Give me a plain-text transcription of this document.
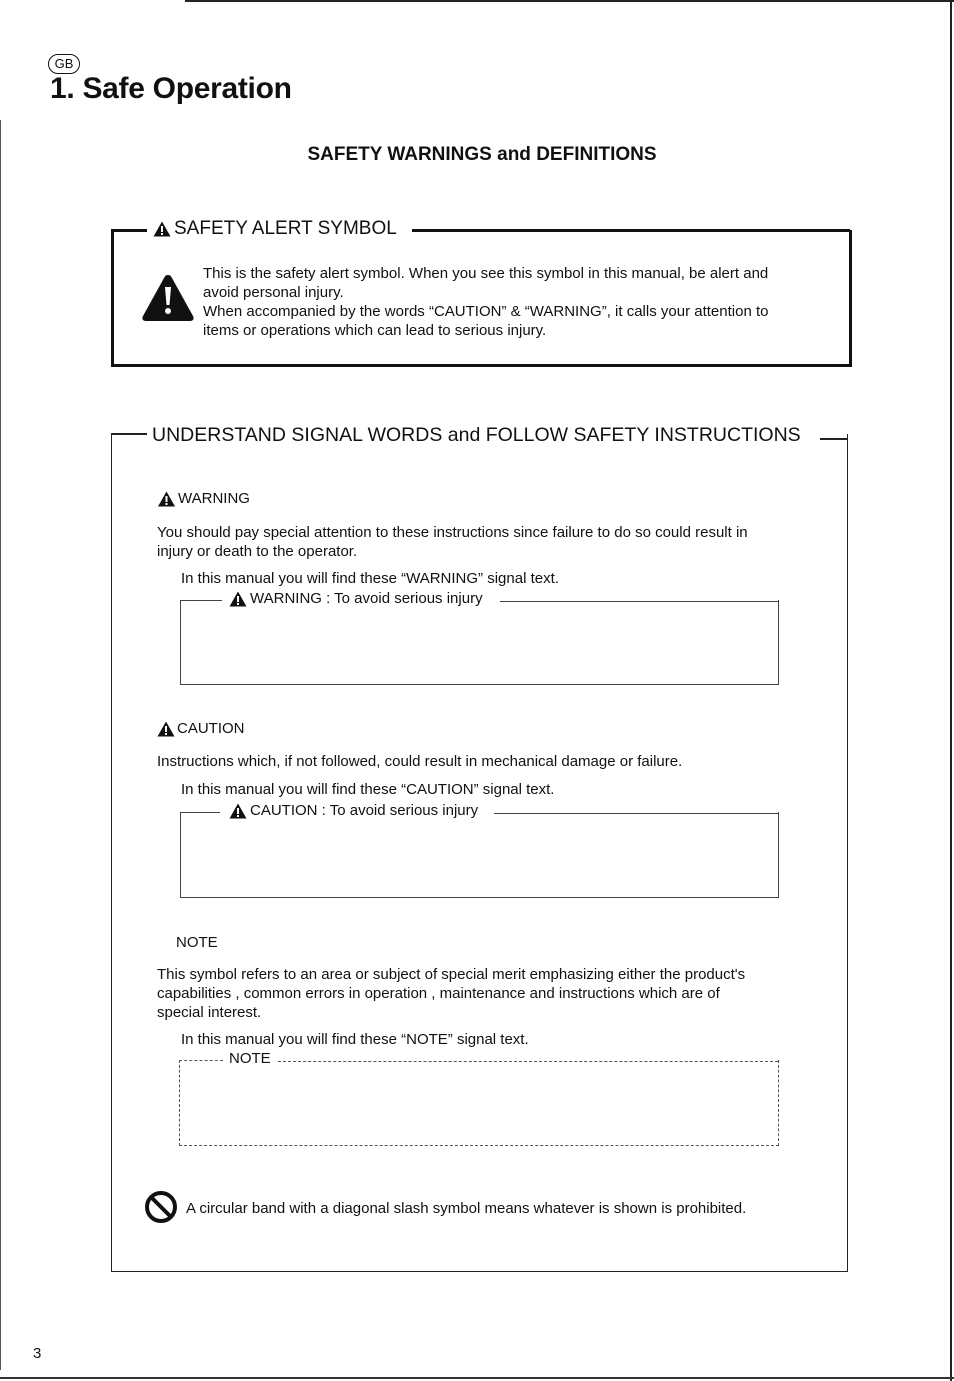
GB
1. Safe Operation
SAFETY WARNINGS and DEFINITIONS
SAFETY ALERT SYMBOL

This is the safety alert symbol. When you see this symbol in this manual, be alert and

avoid personal injury.

When accompanied by the words “CAUTION” & “WARNING”, it calls your attention to

items or operations which can lead to serious injury.

UNDERSTAND SIGNAL WORDS and FOLLOW SAFETY INSTRUCTIONS
WARNING

You should pay special attention to these instructions since failure to do so could result in

injury or death to the operator.

In this manual you will find these “WARNING” signal text.
WARNING : To avoid serious injury
CAUTION

Instructions which, if not followed, could result in mechanical damage or failure.

In this manual you will find these “CAUTION” signal text.
CAUTION : To avoid serious injury
NOTE

This symbol refers to an area or subject of special merit emphasizing either the product's

capabilities , common errors in operation , maintenance and instructions which are of

special interest.

In this manual you will find these “NOTE” signal text.
NOTE
A circular band with a diagonal slash symbol means whatever is shown is prohibited.
3
